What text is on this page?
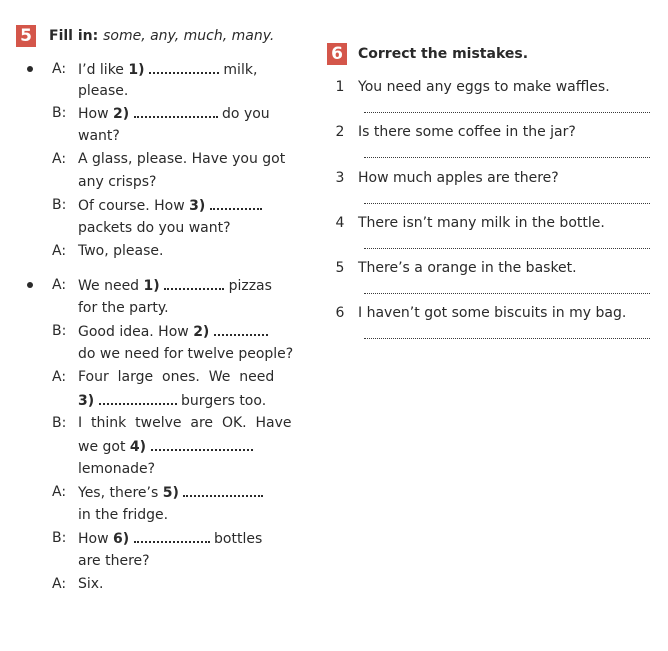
5 Fill in: some, any, much, many.
A: I’d like 1)	milk,
please.
B: How 2)	do you
want?
A: A glass, please. Have you got
any crisps?
B: Of course. How 3)
packets do you want?
A: Two, please.
A: We need 1)	pizzas
for the party.
B: Good idea. How 2)
do we need for twelve people?
A: Four  large  ones.  We  need
3)	burgers too.
B: I  think  twelve  are  OK.  Have
we got 4)
lemonade?
A: Yes, there’s 5)
in the fridge.
B: How 6)	bottles
are there?
A: Six.
6 Correct the mistakes.
1 You need any eggs to make waffles.
2 Is there some coffee in the jar?
3 How much apples are there?
4 There isn’t many milk in the bottle.
5 There’s a orange in the basket.
6 I haven’t got some biscuits in my bag.
